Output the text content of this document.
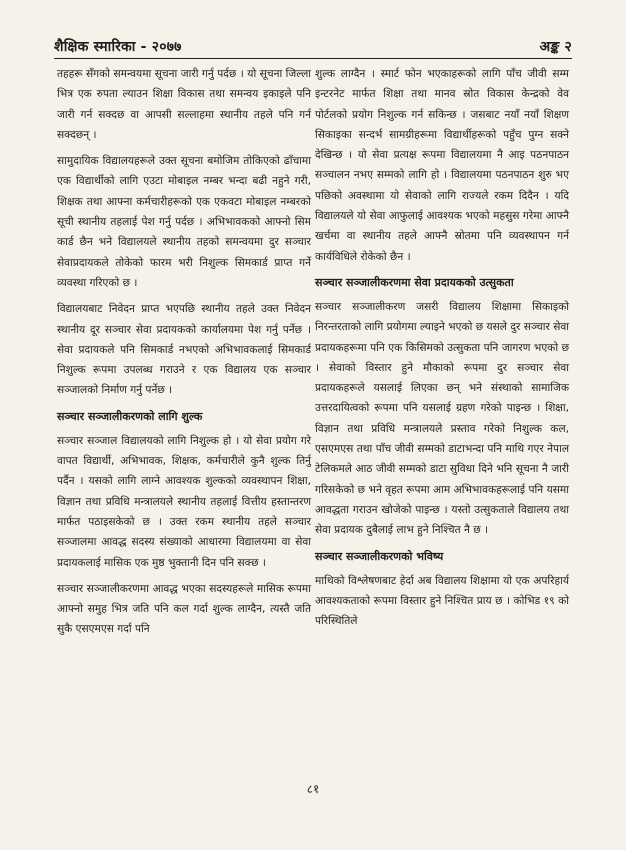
शैक्षिक स्मारिका - २०७७	अङ्क २

तहहरू सँगको समन्वयमा सूचना जारी गर्नु पर्दछ । यो सूचना जिल्ला भित्र एक रुपता ल्याउन शिक्षा विकास तथा समन्वय इकाइले पनि जारी गर्न सक्दछ वा आपसी सल्लाहमा स्थानीय तहले पनि गर्न सक्दछन् ।

सामुदायिक विद्यालयहरूले उक्त सूचना बमोजिम तोकिएको ढाँचामा एक विद्यार्थीको लागि एउटा मोबाइल नम्बर भन्दा बढी नहुने गरी, शिक्षक तथा आफ्ना कर्मचारीहरूको एक एकवटा मोबाइल नम्बरको सूची स्थानीय तहलाई पेश गर्नु पर्दछ । अभिभावकको आफ्नो सिम कार्ड छैन भने विद्यालयले स्थानीय तहको समन्वयमा दुर सञ्चार सेवाप्रदायकले तोकेको फारम भरी निशुल्क सिमकार्ड प्राप्त गर्ने व्यवस्था गरिएको छ ।

विद्यालयबाट निवेदन प्राप्त भएपछि स्थानीय तहले उक्त निवेदन स्थानीय दूर सञ्चार सेवा प्रदायकको कार्यालयमा पेश गर्नु पर्नेछ । सेवा प्रदायकले पनि सिमकार्ड नभएको अभिभावकलाई सिमकार्ड निशुल्क रूपमा उपलब्ध गराउने र एक विद्यालय एक सञ्चार सञ्जालको निर्माण गर्नु पर्नेछ ।

सञ्चार सञ्जालीकरणको लागि शुल्क

सञ्चार सञ्जाल विद्यालयको लागि निशुल्क हो । यो सेवा प्रयोग गरे वापत विद्यार्थी, अभिभावक, शिक्षक, कर्मचारीले कुनै शुल्क तिर्नु पर्दैन । यसको लागि लाग्ने आवश्यक शुल्कको व्यवस्थापन शिक्षा, विज्ञान तथा प्रविधि मन्त्रालयले स्थानीय तहलाई वित्तीय हस्तान्तरण मार्फत पठाइसकेको छ । उक्त रकम स्थानीय तहले सञ्चार सञ्जालमा आवद्ध सदस्य संख्याको आधारमा विद्यालयमा वा सेवा प्रदायकलाई मासिक एक मुष्ठ भुक्तानी दिन पनि सक्छ ।

सञ्चार सञ्जालीकरणमा आवद्ध भएका सदस्यहरूले मासिक रूपमा आफ्नो समुह भित्र जति पनि कल गर्दा शुल्क लाग्दैन, त्यस्तै जति सुकै एसएमएस गर्दा पनि

शुल्क लाग्दैन । स्मार्ट फोन भएकाहरूको लागि पाँच जीवी सम्म इन्टरनेट मार्फत शिक्षा तथा मानव स्रोत विकास केन्द्रको वेव पोर्टलको प्रयोग निशुल्क गर्न सकिन्छ । जसबाट नयाँ नयाँ शिक्षण सिकाइका सन्दर्भ सामग्रीहरूमा विद्यार्थीहरूको पहुँच पुग्न सक्ने देखिन्छ । यो सेवा प्रत्यक्ष रूपमा विद्यालयमा नै आइ पठनपाठन सञ्चालन नभए सम्मको लागि हो । विद्यालयमा पठनपाठन शुरु भए पछिको अवस्थामा यो सेवाको लागि राज्यले रकम दिदैन । यदि विद्यालयले यो सेवा आफुलाई आवश्यक भएको महसुस गरेमा आफ्नै खर्चमा वा स्थानीय तहले आफ्नै स्रोतमा पनि व्यवस्थापन गर्न कार्यविधिले रोकेको छैन ।

सञ्चार सञ्जालीकरणमा सेवा प्रदायकको उत्सुकता

सञ्चार सञ्जालीकरण जसरी विद्यालय शिक्षामा सिकाइको निरन्तरताको लागि प्रयोगमा ल्याइने भएको छ यसले दुर सञ्चार सेवा प्रदायकहरूमा पनि एक किसिमको उत्सुकता पनि जागरण भएको छ । सेवाको विस्तार हुने मौकाको रूपमा दुर सञ्चार सेवा प्रदायकहरूले यसलाई लिएका छन् भने संस्थाको सामाजिक उत्तरदायित्वको रूपमा पनि यसलाई ग्रहण गरेको पाइन्छ । शिक्षा, विज्ञान तथा प्रविधि मन्त्रालयले प्रस्ताव गरेको निशुल्क कल, एसएमएस तथा पाँच जीवी सम्मको डाटाभन्दा पनि माथि गएर नेपाल टेलिकमले आठ जीवी सम्मको डाटा सुविधा दिने भनि सूचना नै जारी गरिसकेको छ भने वृहत रूपमा आम अभिभावकहरूलाई पनि यसमा आवद्धता गराउन खोजेको पाइन्छ । यस्तो उत्सुकताले विद्यालय तथा सेवा प्रदायक दुबैलाई लाभ हुने निश्चित नै छ ।

सञ्चार सञ्जालीकरणको भविष्य

माथिको विश्लेषणबाट हेर्दा अब विद्यालय शिक्षामा यो एक अपरिहार्य आवश्यकताको रूपमा विस्तार हुने निश्चित प्राय छ । कोभिड १९ को परिस्थितिले

८१
